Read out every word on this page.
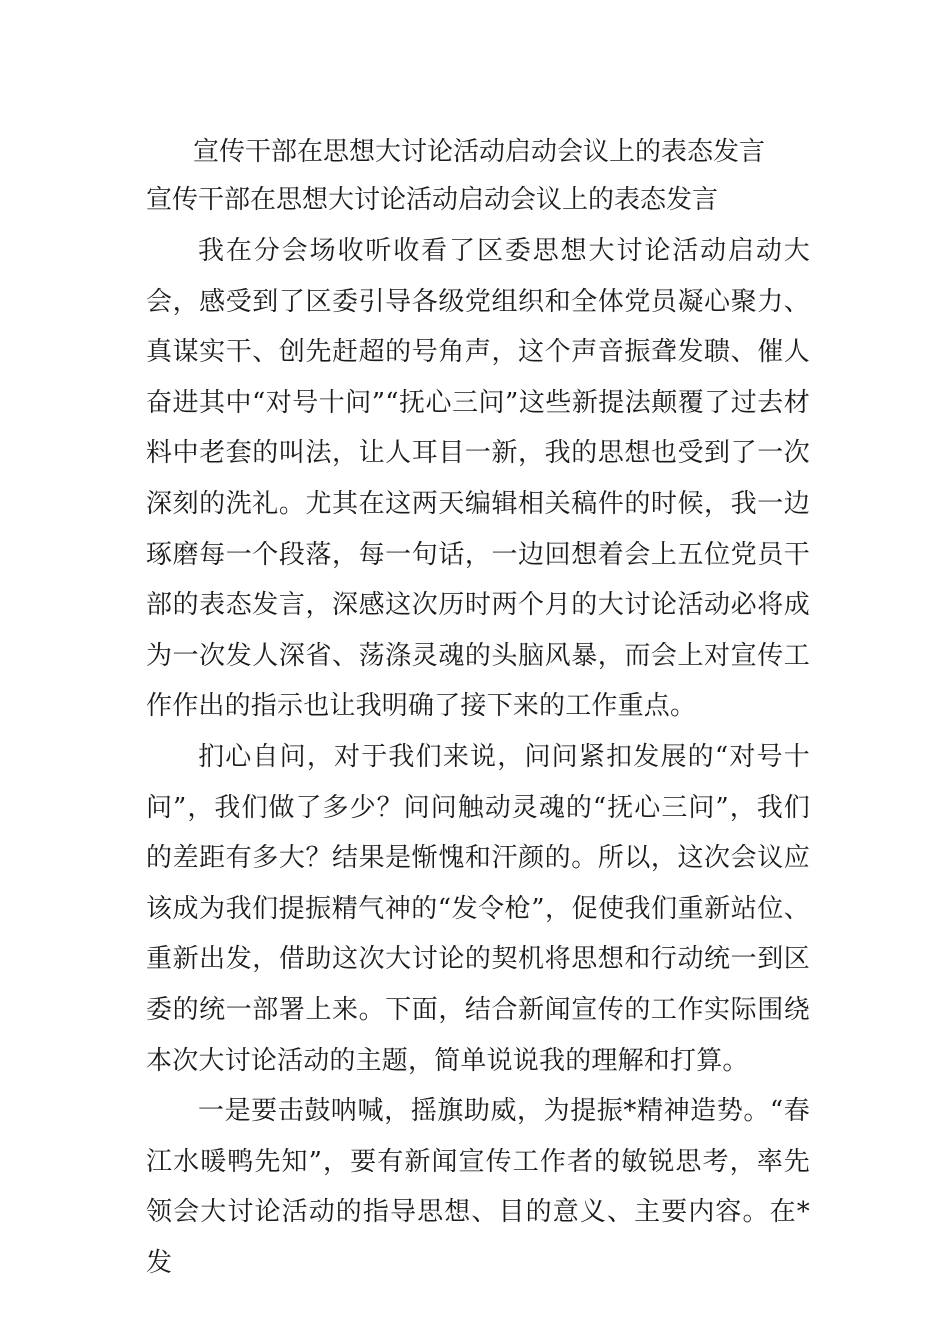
宣传干部在思想大讨论活动启动会议上的表态发言
宣传干部在思想大讨论活动启动会议上的表态发言

我在分会场收听收看了区委思想大讨论活动启动大会，感受到了区委引导各级党组织和全体党员凝心聚力、真谋实干、创先赶超的号角声，这个声音振聋发聩、催人奋进其中“对号十问”“抚心三问”这些新提法颠覆了过去材料中老套的叫法，让人耳目一新，我的思想也受到了一次深刻的洗礼。尤其在这两天编辑相关稿件的时候，我一边琢磨每一个段落，每一句话，一边回想着会上五位党员干部的表态发言，深感这次历时两个月的大讨论活动必将成为一次发人深省、荡涤灵魂的头脑风暴，而会上对宣传工作作出的指示也让我明确了接下来的工作重点。

扪心自问，对于我们来说，问问紧扣发展的“对号十问”，我们做了多少？问问触动灵魂的“抚心三问”，我们的差距有多大？结果是惭愧和汗颜的。所以，这次会议应该成为我们提振精气神的“发令枪”，促使我们重新站位、重新出发，借助这次大讨论的契机将思想和行动统一到区委的统一部署上来。下面，结合新闻宣传的工作实际围绕本次大讨论活动的主题，简单说说我的理解和打算。

一是要击鼓呐喊，摇旗助威，为提振*精神造势。“春江水暖鸭先知”，要有新闻宣传工作者的敏锐思考，率先领会大讨论活动的指导思想、目的意义、主要内容。在*发
